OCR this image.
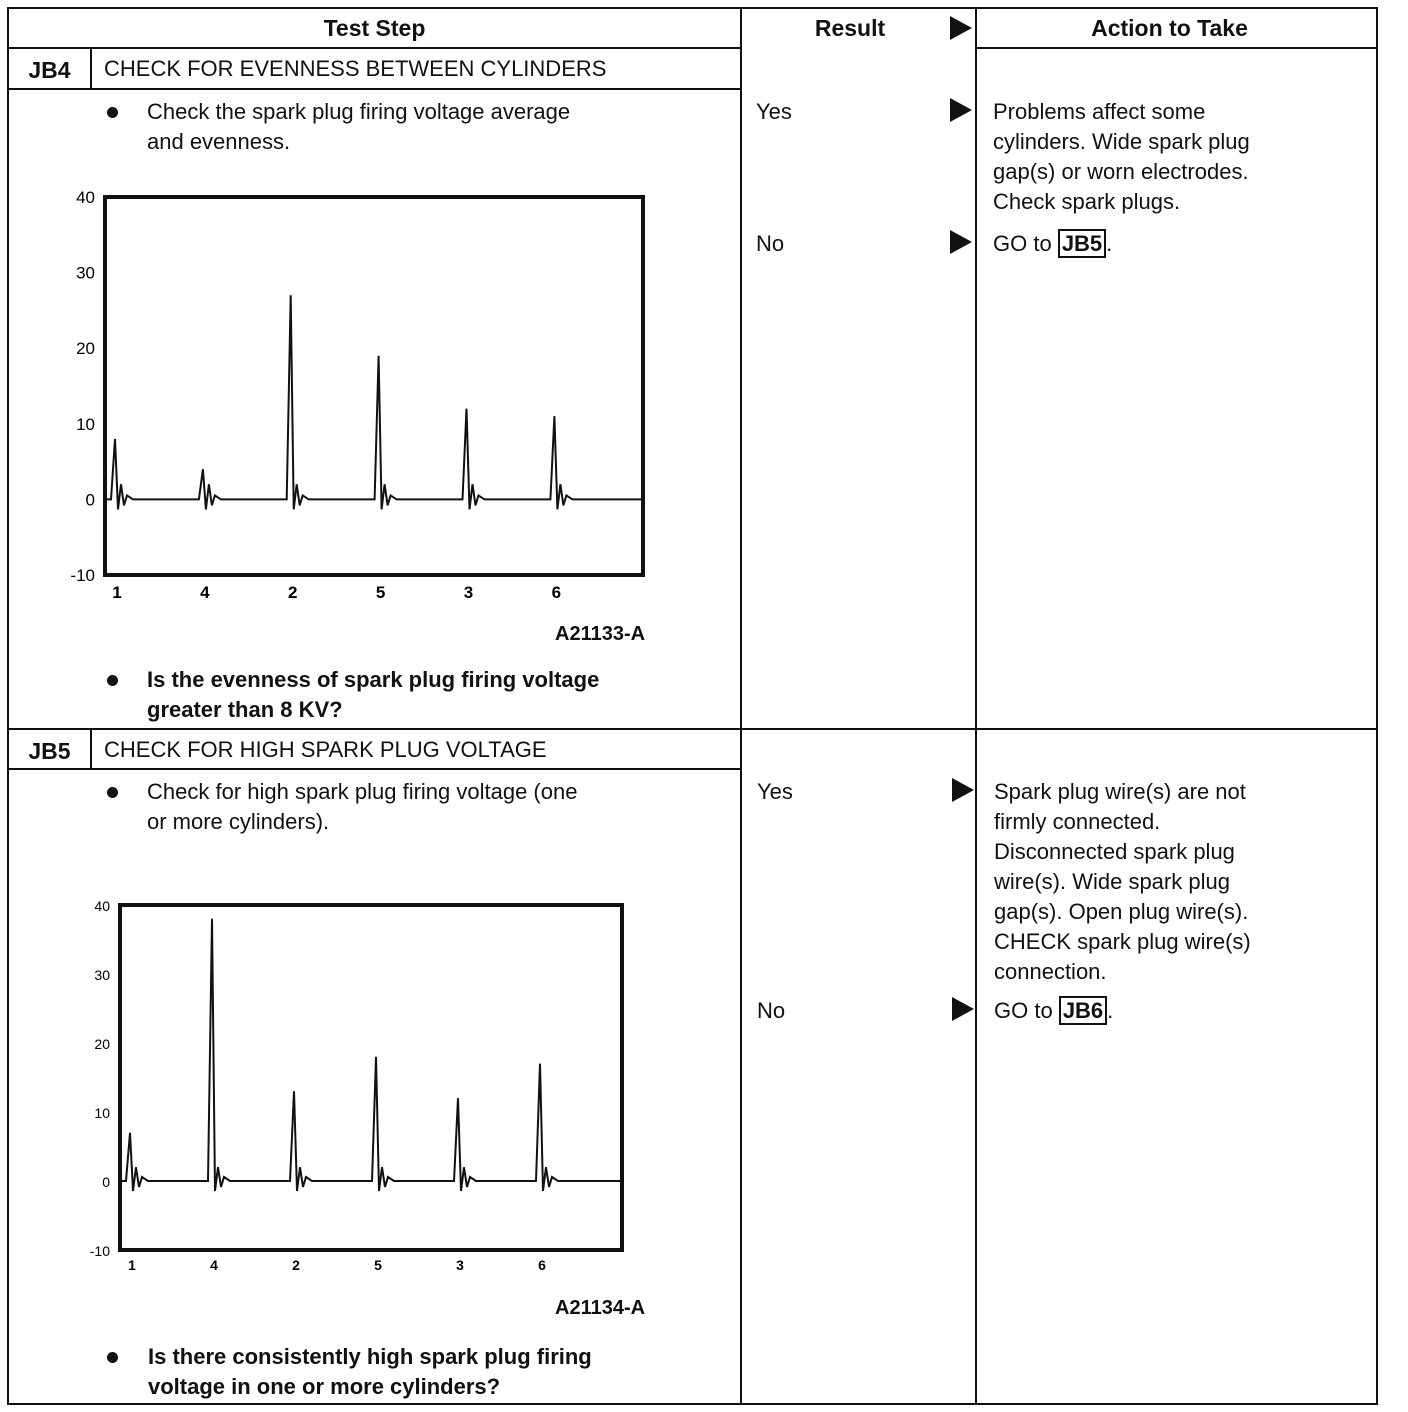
Test Step	Result	Action to Take
JB4	CHECK FOR EVENNESS BETWEEN CYLINDERS
Check the spark plug firing voltage average
and evenness.
40
30
20
10
0
-10
1	4	2	5	3	6
A21133-A
Is the evenness of spark plug firing voltage
greater than 8 KV?
Yes	Problems affect some
cylinders. Wide spark plug
gap(s) or worn electrodes.
Check spark plugs.
No	GO to JB5 .
JB5	CHECK FOR HIGH SPARK PLUG VOLTAGE
Check for high spark plug firing voltage (one
or more cylinders).
40
30
20
10
0
-10
1	4	2	5	3	6
A21134-A
Is there consistently high spark plug firing
voltage in one or more cylinders?
Yes	Spark plug wire(s) are not
firmly connected.
Disconnected spark plug
wire(s). Wide spark plug
gap(s). Open plug wire(s).
CHECK spark plug wire(s)
connection.
No	GO to JB6 .
